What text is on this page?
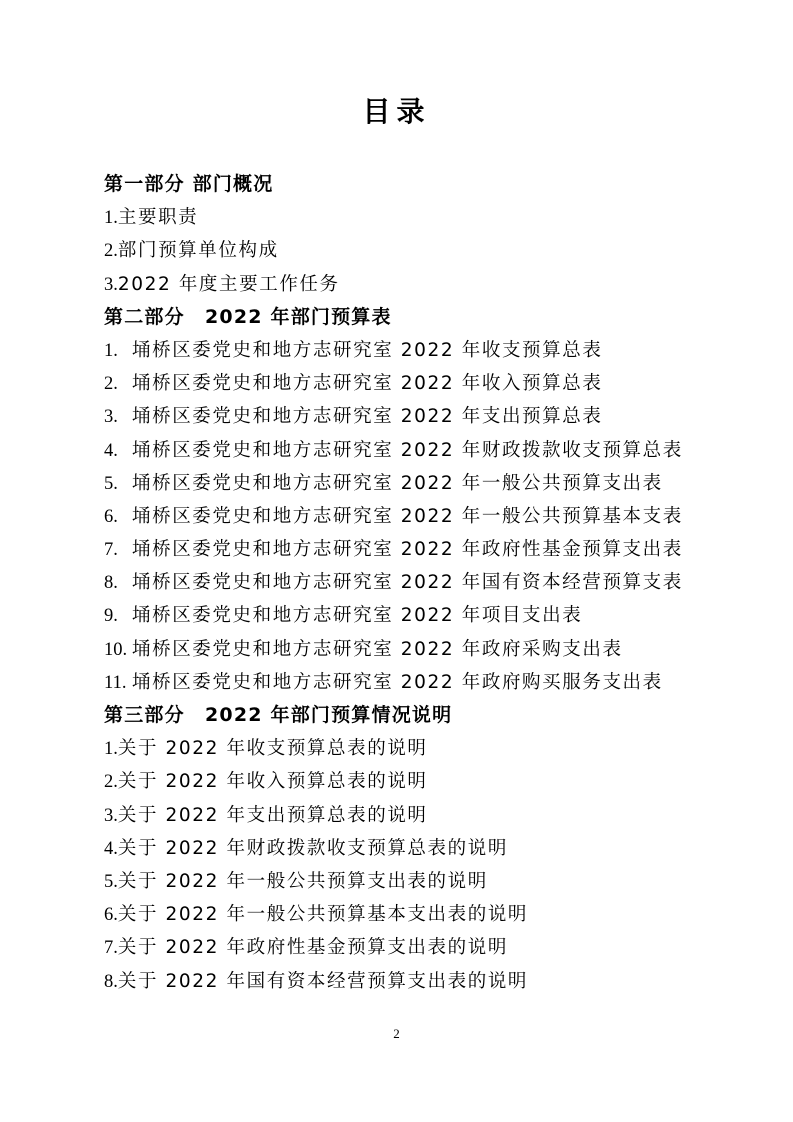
目录
第一部分 部门概况
1.主要职责
2.部门预算单位构成
3.2022 年度主要工作任务
第二部分　2022 年部门预算表
1. 埇桥区委党史和地方志研究室 2022 年收支预算总表
2. 埇桥区委党史和地方志研究室 2022 年收入预算总表
3. 埇桥区委党史和地方志研究室 2022 年支出预算总表
4. 埇桥区委党史和地方志研究室 2022 年财政拨款收支预算总表
5. 埇桥区委党史和地方志研究室 2022 年一般公共预算支出表
6. 埇桥区委党史和地方志研究室 2022 年一般公共预算基本支表
7. 埇桥区委党史和地方志研究室 2022 年政府性基金预算支出表
8. 埇桥区委党史和地方志研究室 2022 年国有资本经营预算支表
9. 埇桥区委党史和地方志研究室 2022 年项目支出表
10. 埇桥区委党史和地方志研究室 2022 年政府采购支出表
11. 埇桥区委党史和地方志研究室 2022 年政府购买服务支出表
第三部分　2022 年部门预算情况说明
1.关于 2022 年收支预算总表的说明
2.关于 2022 年收入预算总表的说明
3.关于 2022 年支出预算总表的说明
4.关于 2022 年财政拨款收支预算总表的说明
5.关于 2022 年一般公共预算支出表的说明
6.关于 2022 年一般公共预算基本支出表的说明
7.关于 2022 年政府性基金预算支出表的说明
8.关于 2022 年国有资本经营预算支出表的说明
2
